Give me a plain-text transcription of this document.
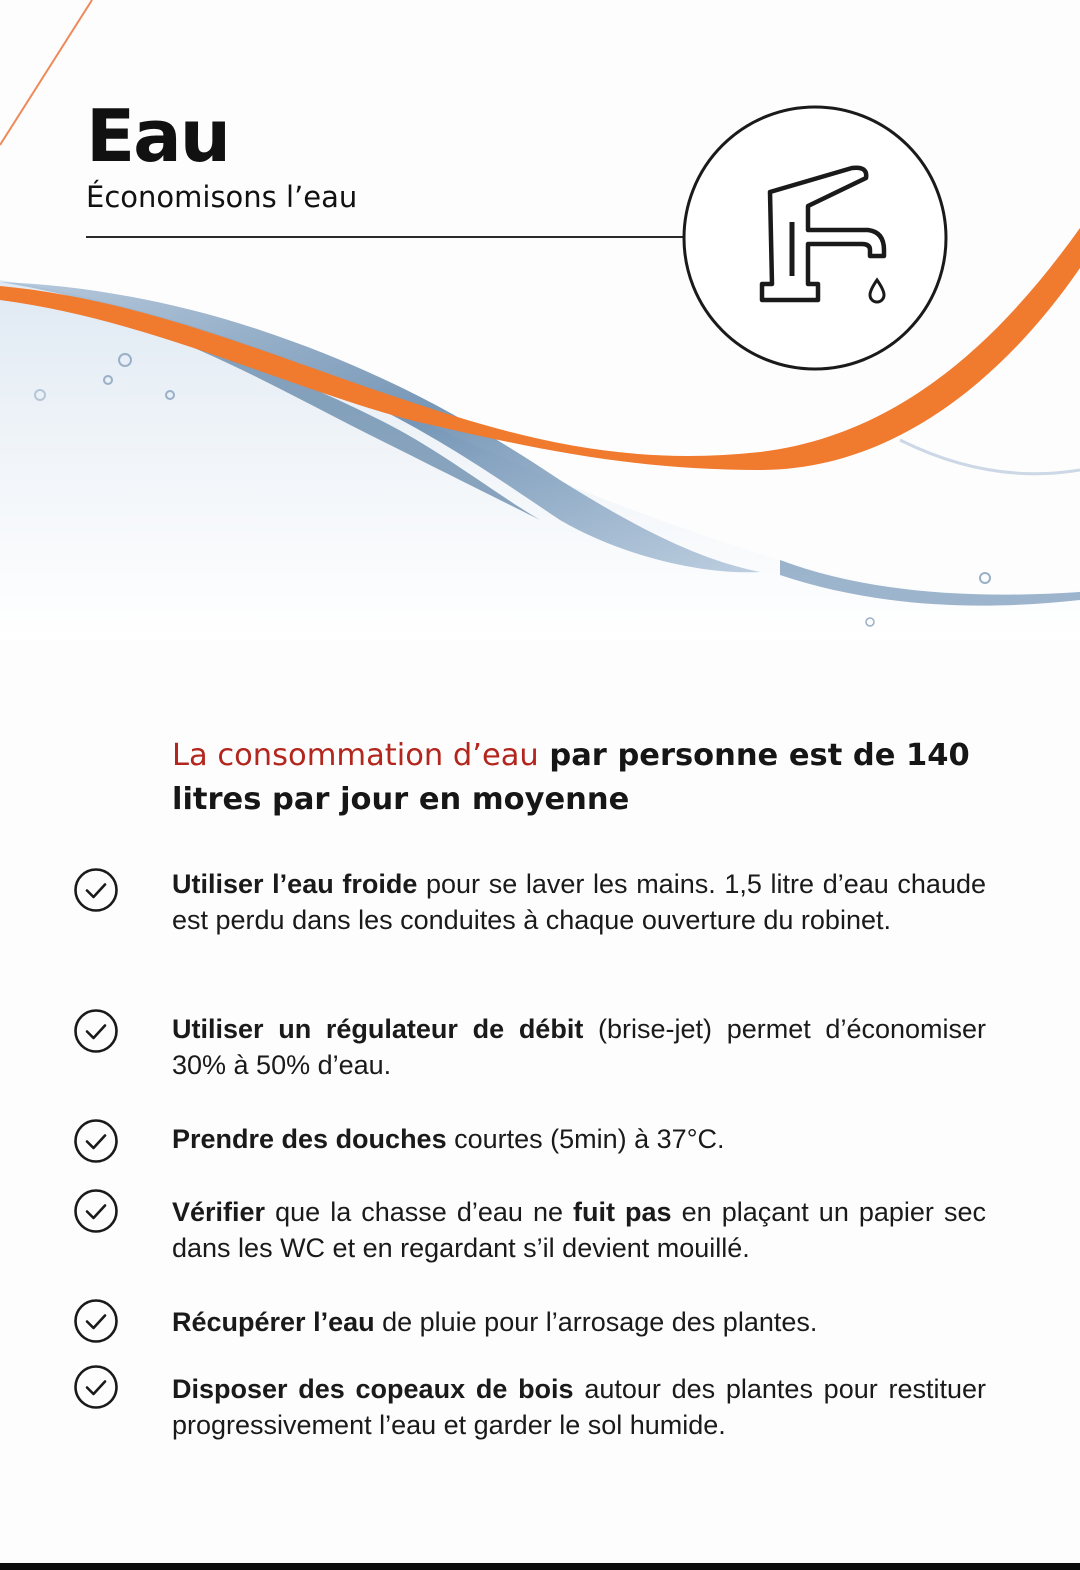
Eau

Économisons l’eau

La consommation d’eau par personne est de 140 litres par jour en moyenne

Utiliser l’eau froide pour se laver les mains. 1,5 litre d’eau chaude est perdu dans les conduites à chaque ouverture du robinet.

Utiliser un régulateur de débit (brise-jet) permet d’économiser 30% à 50% d’eau.

Prendre des douches courtes (5min) à 37°C.

Vérifier que la chasse d’eau ne fuit pas en plaçant un papier sec dans les WC et en regardant s’il devient mouillé.

Récupérer l’eau de pluie pour l’arrosage des plantes.

Disposer des copeaux de bois autour des plantes pour restituer progressivement l’eau et garder le sol humide.
